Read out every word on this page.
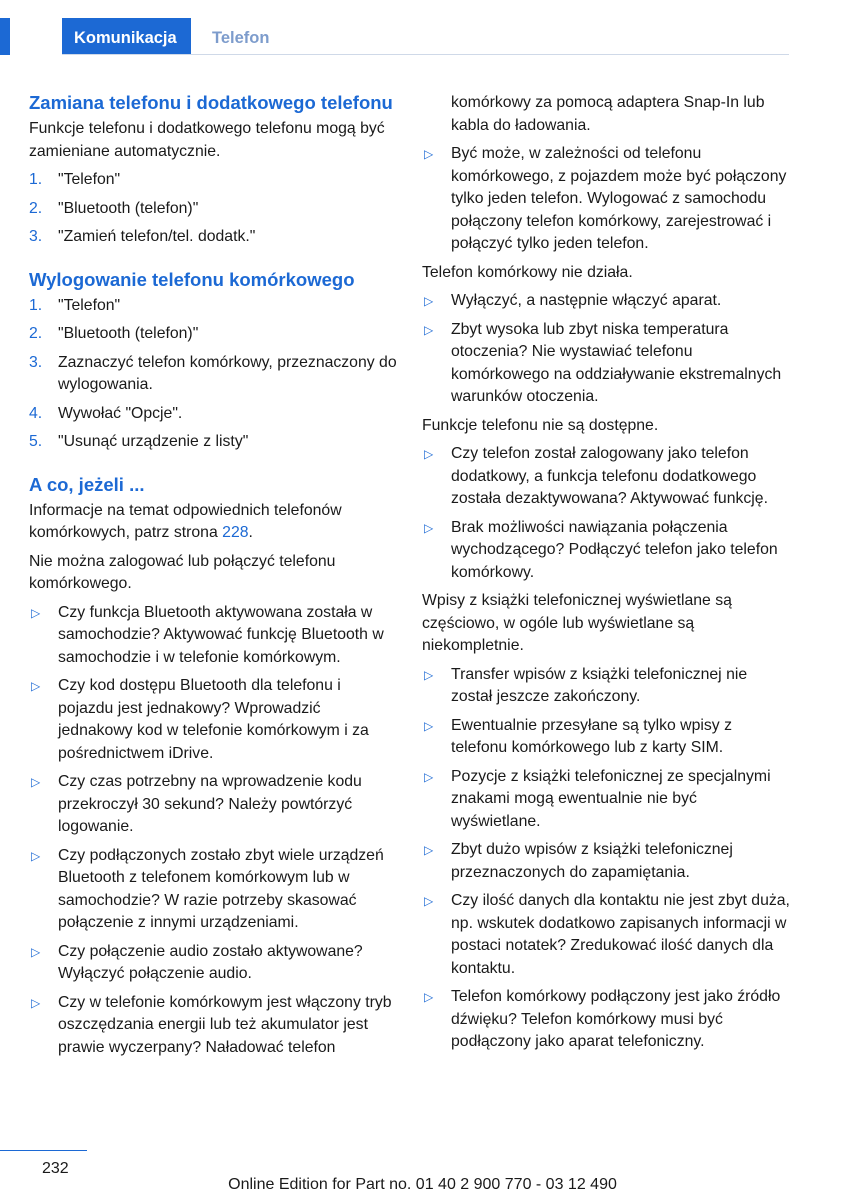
Komunikacja	Telefon
Zamiana telefonu i dodatkowego telefonu

Funkcje telefonu i dodatkowego telefonu mogą być zamieniane automatycznie.

1. "Telefon"
2. "Bluetooth (telefon)"
3. "Zamień telefon/tel. dodatk."
Wylogowanie telefonu komórkowego
1. "Telefon"
2. "Bluetooth (telefon)"
3. Zaznaczyć telefon komórkowy, przeznaczony do wylogowania.
4. Wywołać "Opcje".
5. "Usunąć urządzenie z listy"
A co, jeżeli ...

Informacje na temat odpowiednich telefonów komórkowych, patrz strona 228.

Nie można zalogować lub połączyć telefonu komórkowego.

▷ Czy funkcja Bluetooth aktywowana została w samochodzie? Aktywować funkcję Bluetooth w samochodzie i w telefonie komórkowym.
▷ Czy kod dostępu Bluetooth dla telefonu i pojazdu jest jednakowy? Wprowadzić jednakowy kod w telefonie komórkowym i za pośrednictwem iDrive.
▷ Czy czas potrzebny na wprowadzenie kodu przekroczył 30 sekund? Należy powtórzyć logowanie.
▷ Czy podłączonych zostało zbyt wiele urządzeń Bluetooth z telefonem komórkowym lub w samochodzie? W razie potrzeby skasować połączenie z innymi urządzeniami.
▷ Czy połączenie audio zostało aktywowane? Wyłączyć połączenie audio.
▷ Czy w telefonie komórkowym jest włączony tryb oszczędzania energii lub też akumulator jest prawie wyczerpany? Naładować telefon

komórkowy za pomocą adaptera Snap-In lub kabla do ładowania.

▷ Być może, w zależności od telefonu komórkowego, z pojazdem może być połączony tylko jeden telefon. Wylogować z samochodu połączony telefon komórkowy, zarejestrować i połączyć tylko jeden telefon.

Telefon komórkowy nie działa.

▷ Wyłączyć, a następnie włączyć aparat.
▷ Zbyt wysoka lub zbyt niska temperatura otoczenia? Nie wystawiać telefonu komórkowego na oddziaływanie ekstremalnych warunków otoczenia.

Funkcje telefonu nie są dostępne.

▷ Czy telefon został zalogowany jako telefon dodatkowy, a funkcja telefonu dodatkowego została dezaktywowana? Aktywować funkcję.
▷ Brak możliwości nawiązania połączenia wychodzącego? Podłączyć telefon jako telefon komórkowy.

Wpisy z książki telefonicznej wyświetlane są częściowo, w ogóle lub wyświetlane są niekompletnie.

▷ Transfer wpisów z książki telefonicznej nie został jeszcze zakończony.
▷ Ewentualnie przesyłane są tylko wpisy z telefonu komórkowego lub z karty SIM.
▷ Pozycje z książki telefonicznej ze specjalnymi znakami mogą ewentualnie nie być wyświetlane.
▷ Zbyt dużo wpisów z książki telefonicznej przeznaczonych do zapamiętania.
▷ Czy ilość danych dla kontaktu nie jest zbyt duża, np. wskutek dodatkowo zapisanych informacji w postaci notatek? Zredukować ilość danych dla kontaktu.
▷ Telefon komórkowy podłączony jest jako źródło dźwięku? Telefon komórkowy musi być podłączony jako aparat telefoniczny.
232
Online Edition for Part no. 01 40 2 900 770 - 03 12 490
